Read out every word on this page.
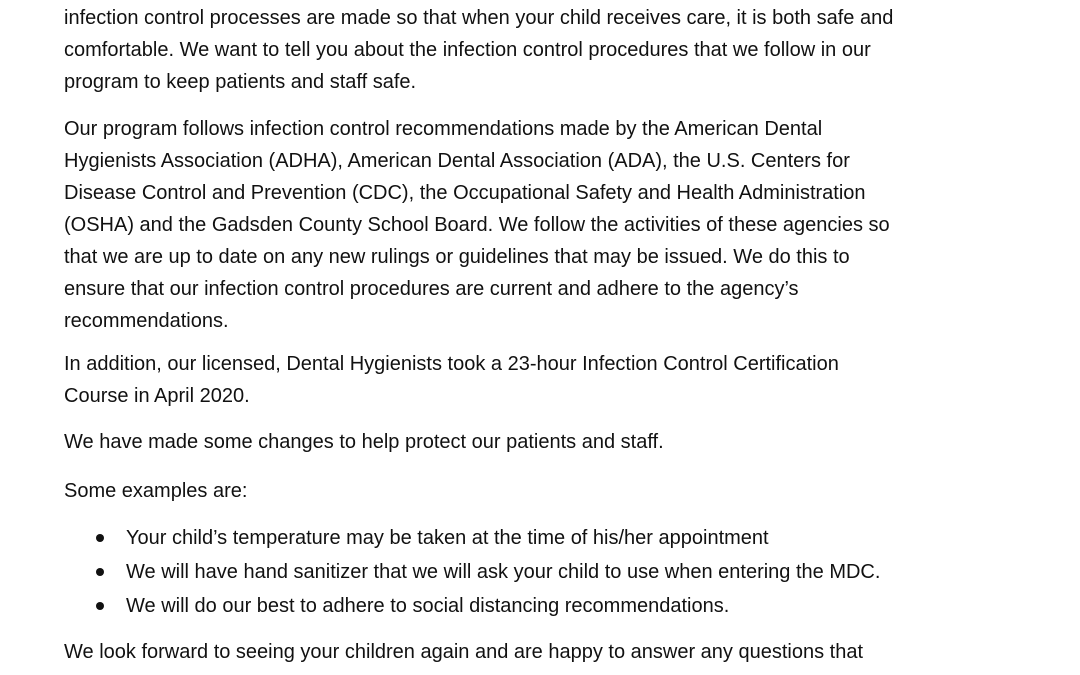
infection control processes are made so that when your child receives care, it is both safe and
comfortable. We want to tell you about the infection control procedures that we follow in our
program to keep patients and staff safe.

Our program follows infection control recommendations made by the American Dental
Hygienists Association (ADHA), American Dental Association (ADA), the U.S. Centers for
Disease Control and Prevention (CDC), the Occupational Safety and Health Administration
(OSHA) and the Gadsden County School Board. We follow the activities of these agencies so
that we are up to date on any new rulings or guidelines that may be issued. We do this to
ensure that our infection control procedures are current and adhere to the agency’s
recommendations.

In addition, our licensed, Dental Hygienists took a 23-hour Infection Control Certification
Course in April 2020.

We have made some changes to help protect our patients and staff.

Some examples are:

Your child’s temperature may be taken at the time of his/her appointment
We will have hand sanitizer that we will ask your child to use when entering the MDC.
We will do our best to adhere to social distancing recommendations.

We look forward to seeing your children again and are happy to answer any questions that
